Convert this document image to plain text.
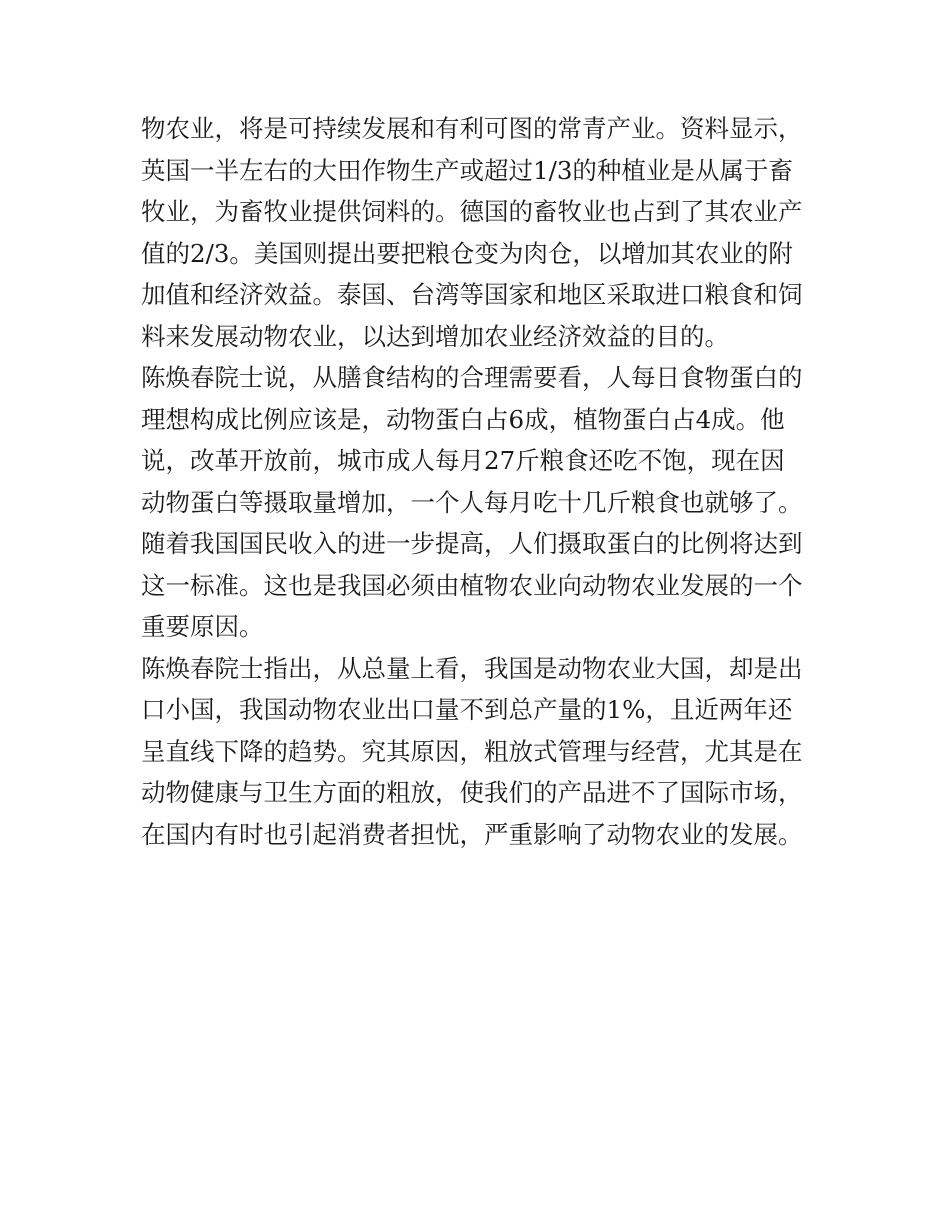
物农业，将是可持续发展和有利可图的常青产业。资料显示，
英国一半左右的大田作物生产或超过1/3的种植业是从属于畜
牧业，为畜牧业提供饲料的。德国的畜牧业也占到了其农业产
值的2/3。美国则提出要把粮仓变为肉仓，以增加其农业的附
加值和经济效益。泰国、台湾等国家和地区采取进口粮食和饲
料来发展动物农业，以达到增加农业经济效益的目的。
陈焕春院士说，从膳食结构的合理需要看，人每日食物蛋白的
理想构成比例应该是，动物蛋白占6成，植物蛋白占4成。他
说，改革开放前，城市成人每月27斤粮食还吃不饱，现在因
动物蛋白等摄取量增加，一个人每月吃十几斤粮食也就够了。
随着我国国民收入的进一步提高，人们摄取蛋白的比例将达到
这一标准。这也是我国必须由植物农业向动物农业发展的一个
重要原因。
陈焕春院士指出，从总量上看，我国是动物农业大国，却是出
口小国，我国动物农业出口量不到总产量的1%，且近两年还
呈直线下降的趋势。究其原因，粗放式管理与经营，尤其是在
动物健康与卫生方面的粗放，使我们的产品进不了国际市场，
在国内有时也引起消费者担忧，严重影响了动物农业的发展。
